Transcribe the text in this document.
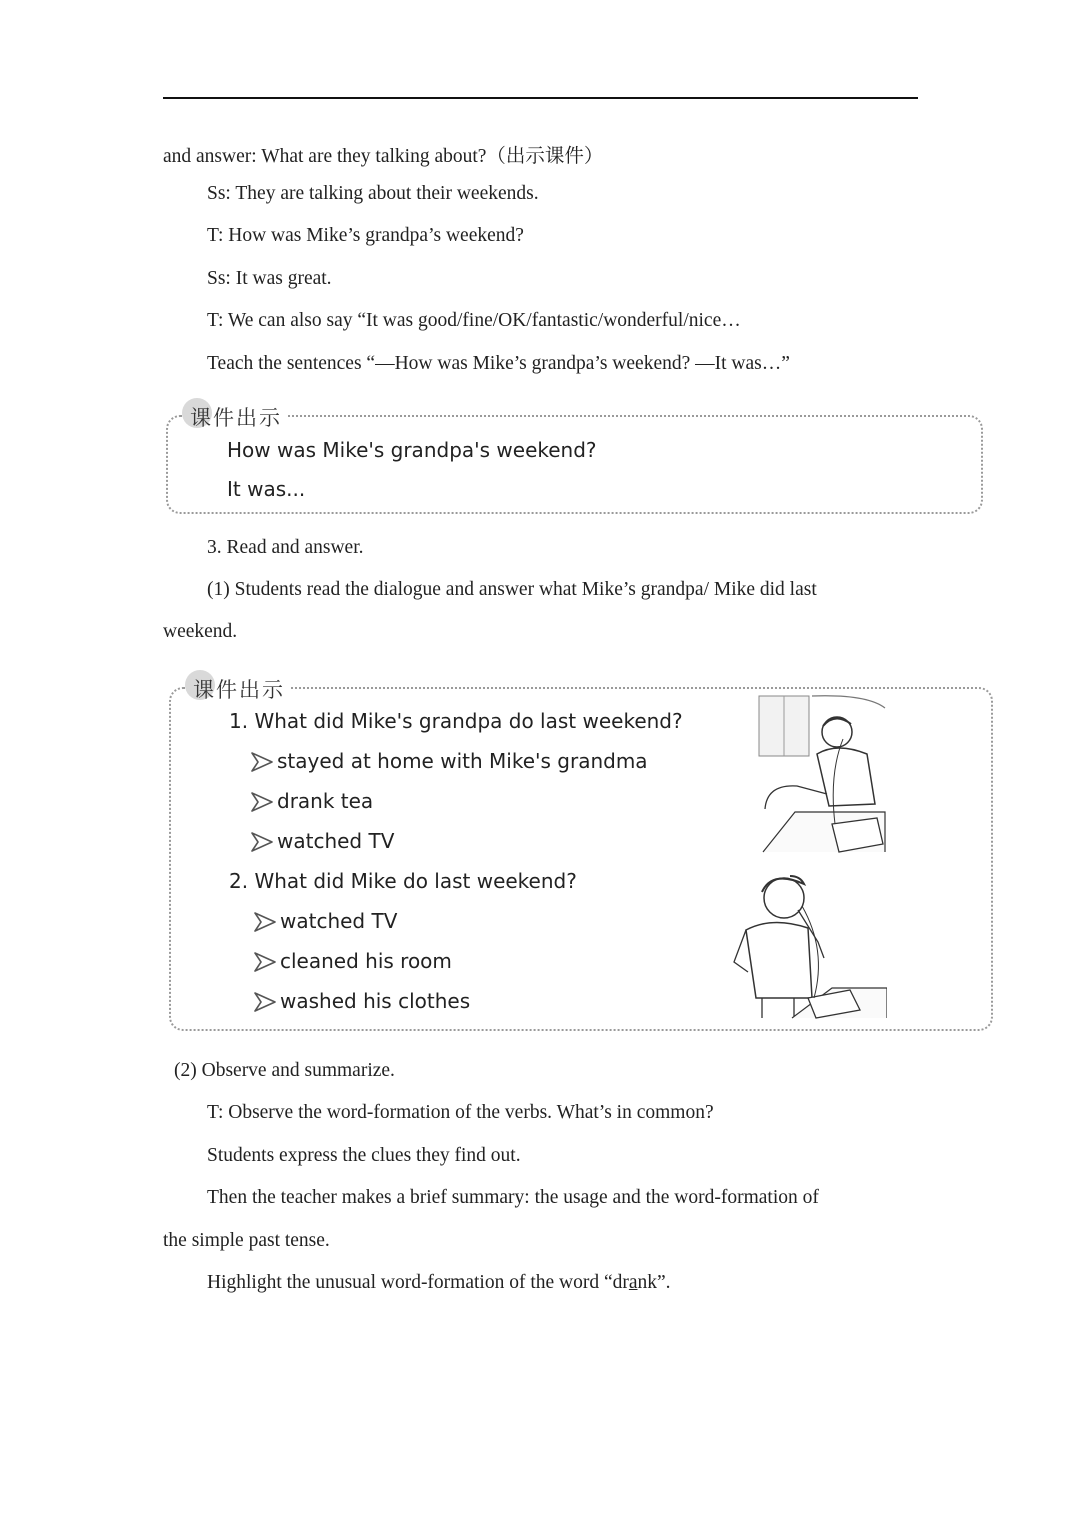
and answer: What are they talking about?（出示课件）
Ss: They are talking about their weekends.
T: How was Mike’s grandpa’s weekend?
Ss: It was great.
T: We can also say “It was good/fine/OK/fantastic/wonderful/nice…
Teach the sentences “—How was Mike’s grandpa’s weekend? —It was…”
课件出示
How was Mike's grandpa's weekend?
It was...
3. Read and answer.
(1) Students read the dialogue and answer what Mike’s grandpa/ Mike did last
weekend.
课件出示
1. What did Mike's grandpa do last weekend?
stayed at home with Mike's grandma
drank tea
watched TV
2. What did Mike do last weekend?
watched TV
cleaned his room
washed his clothes
(2) Observe and summarize.
T: Observe the word-formation of the verbs. What’s in common?
Students express the clues they find out.
Then the teacher makes a brief summary: the usage and the word-formation of
the simple past tense.
Highlight the unusual word-formation of the word “drank”.
